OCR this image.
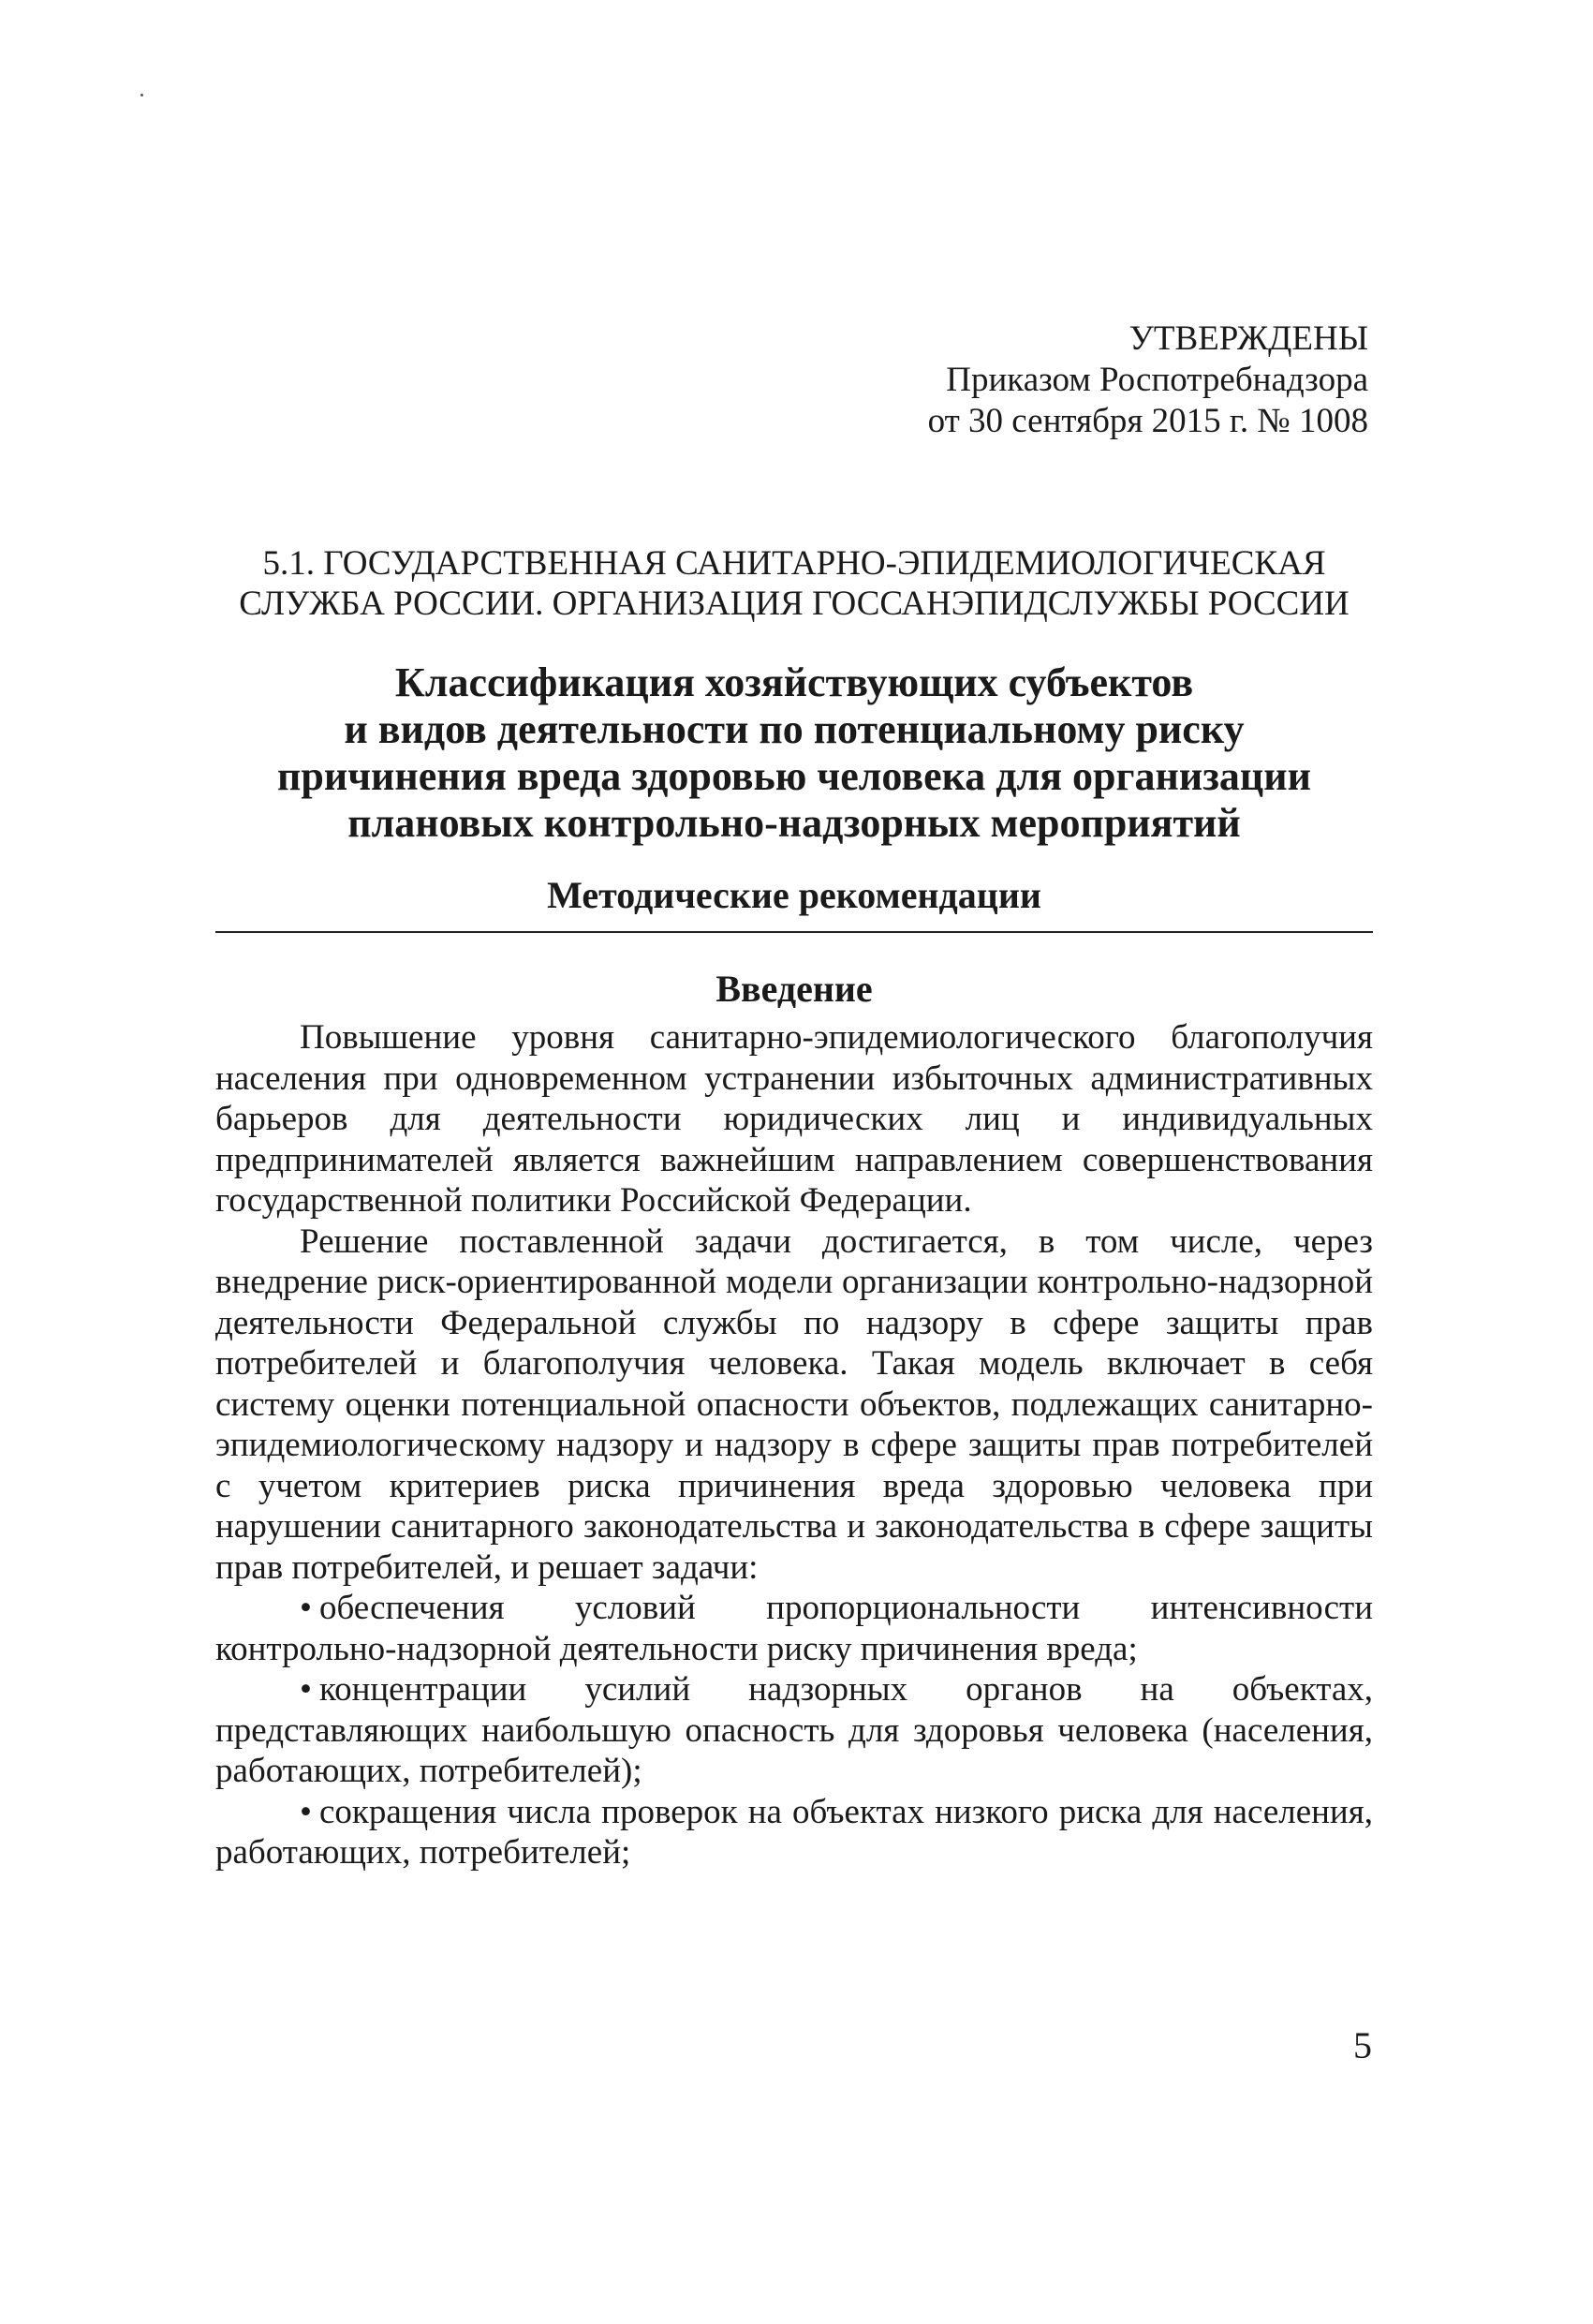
УТВЕРЖДЕНЫ
Приказом Роспотребнадзора
от 30 сентября 2015 г. № 1008
5.1. ГОСУДАРСТВЕННАЯ САНИТАРНО-ЭПИДЕМИОЛОГИЧЕСКАЯ
СЛУЖБА РОССИИ. ОРГАНИЗАЦИЯ ГОССАНЭПИДСЛУЖБЫ РОССИИ
Классификация хозяйствующих субъектов
и видов деятельности по потенциальному риску
причинения вреда здоровью человека для организации
плановых контрольно-надзорных мероприятий
Методические рекомендации
Введение

Повышение уровня санитарно-эпидемиологического благополучия населения при одновременном устранении избыточных административных барьеров для деятельности юридических лиц и индивидуальных предпринимателей является важнейшим направлением совершенствования государственной политики Российской Федерации.

Решение поставленной задачи достигается, в том числе, через внедрение риск-ориентированной модели организации контрольно-надзорной деятельности Федеральной службы по надзору в сфере защиты прав потребителей и благополучия человека. Такая модель включает в себя систему оценки потенциальной опасности объектов, подлежащих санитарно-эпидемиологическому надзору и надзору в сфере защиты прав потребителей с учетом критериев риска причинения вреда здоровью человека при нарушении санитарного законодательства и законодательства в сфере защиты прав потребителей, и решает задачи:

• обеспечения условий пропорциональности интенсивности контрольно-надзорной деятельности риску причинения вреда;

• концентрации усилий надзорных органов на объектах, представляющих наибольшую опасность для здоровья человека (населения, работающих, потребителей);

• сокращения числа проверок на объектах низкого риска для населения, работающих, потребителей;

5
